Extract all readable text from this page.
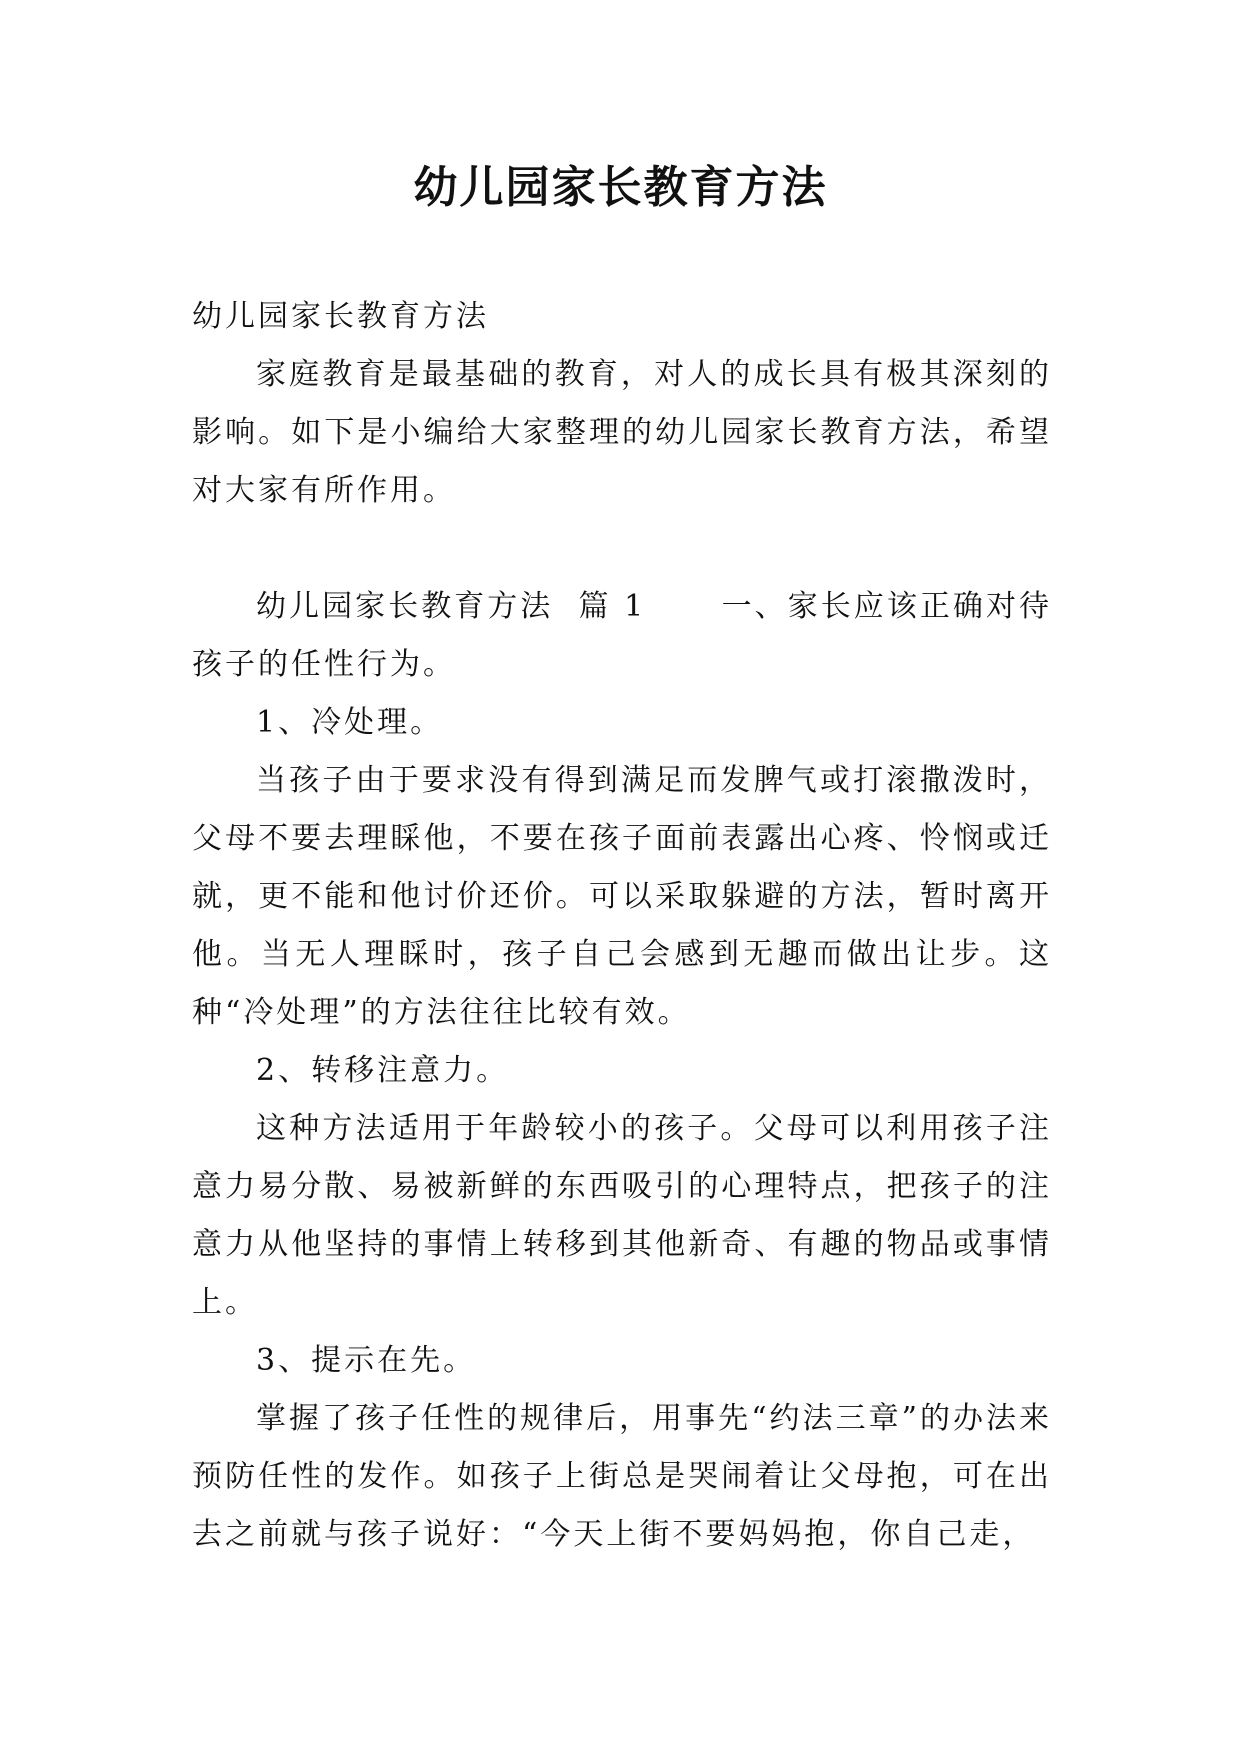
幼儿园家长教育方法

幼儿园家长教育方法

家庭教育是最基础的教育，对人的成长具有极其深刻的影响。如下是小编给大家整理的幼儿园家长教育方法，希望对大家有所作用。

幼儿园家长教育方法  篇 1      一、家长应该正确对待孩子的任性行为。

1、冷处理。

当孩子由于要求没有得到满足而发脾气或打滚撒泼时，父母不要去理睬他，不要在孩子面前表露出心疼、怜悯或迁就，更不能和他讨价还价。可以采取躲避的方法，暂时离开他。当无人理睬时，孩子自己会感到无趣而做出让步。这种“冷处理”的方法往往比较有效。

2、转移注意力。

这种方法适用于年龄较小的孩子。父母可以利用孩子注意力易分散、易被新鲜的东西吸引的心理特点，把孩子的注意力从他坚持的事情上转移到其他新奇、有趣的物品或事情上。

3、提示在先。

掌握了孩子任性的规律后，用事先“约法三章”的办法来预防任性的发作。如孩子上街总是哭闹着让父母抱，可在出去之前就与孩子说好：“今天上街不要妈妈抱，你自己走，
